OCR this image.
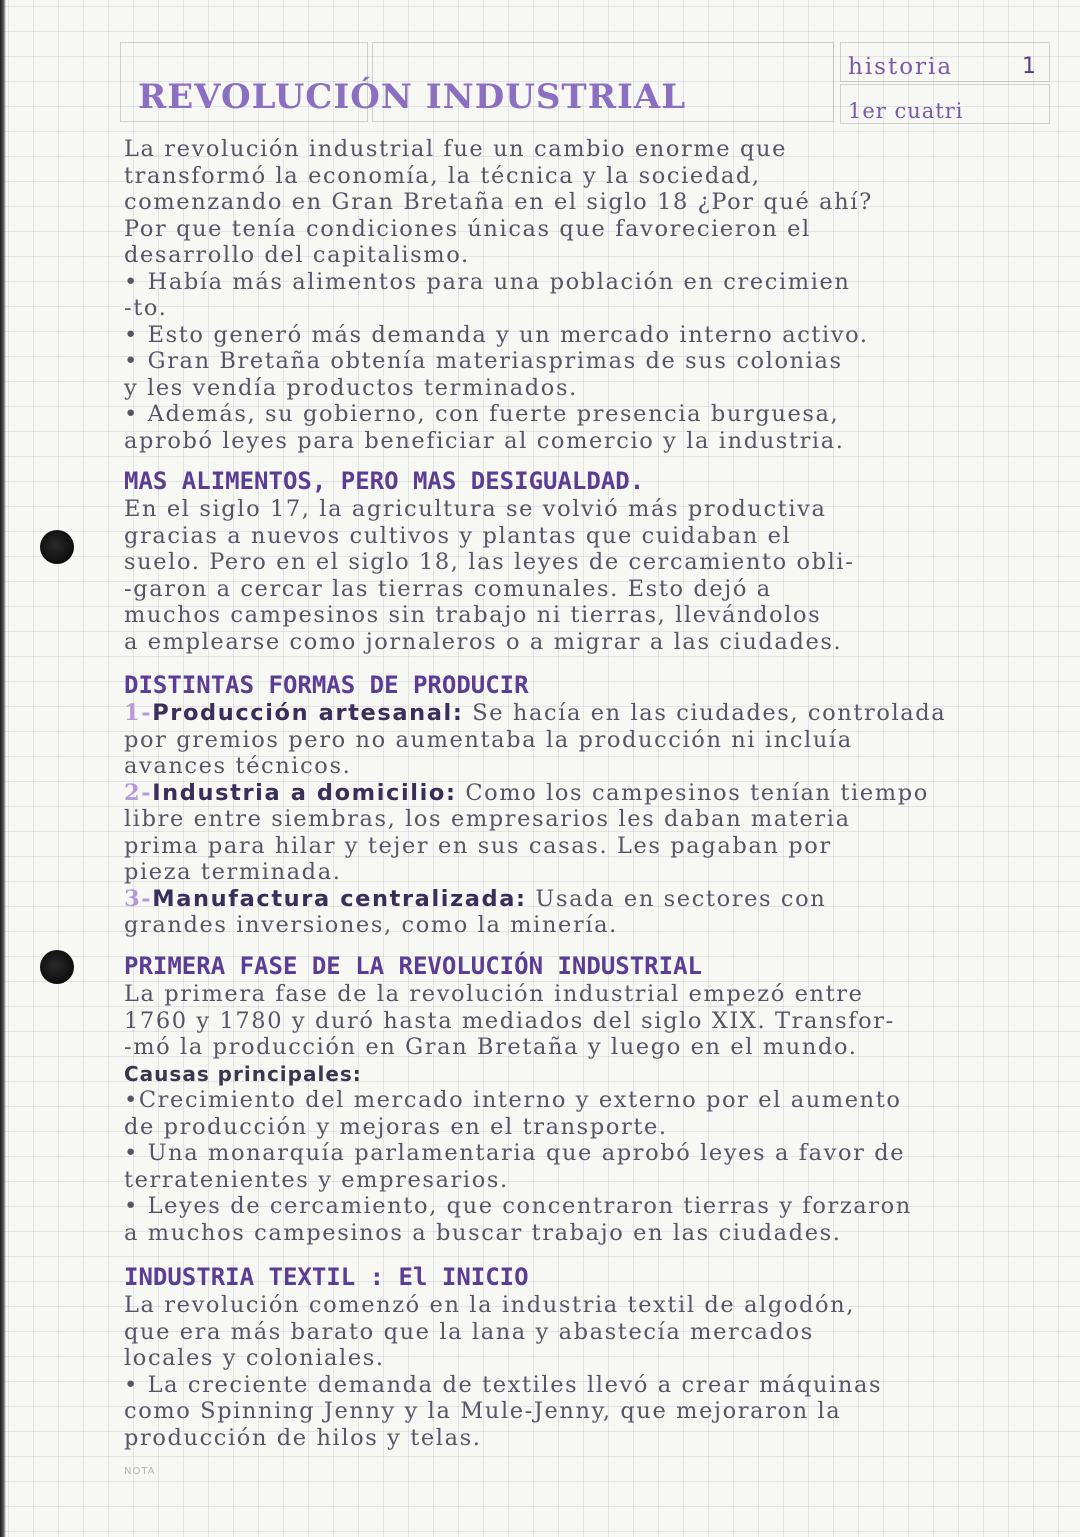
historia	1
1er cuatri
REVOLUCIÓN INDUSTRIAL
La revolución industrial fue un cambio enorme que
transformó la economía, la técnica y la sociedad,
comenzando en Gran Bretaña en el siglo 18 ¿Por qué ahí?
Por que tenía condiciones únicas que favorecieron el
desarrollo del capitalismo.
• Había más alimentos para una población en crecimien
-to.
• Esto generó más demanda y un mercado interno activo.
• Gran Bretaña obtenía materiasprimas de sus colonias
y les vendía productos terminados.
• Además, su gobierno, con fuerte presencia burguesa,
aprobó leyes para beneficiar al comercio y la industria.
MAS ALIMENTOS, PERO MAS DESIGUALDAD.
En el siglo 17, la agricultura se volvió más productiva
gracias a nuevos cultivos y plantas que cuidaban el
suelo. Pero en el siglo 18, las leyes de cercamiento obli-
-garon a cercar las tierras comunales. Esto dejó a
muchos campesinos sin trabajo ni tierras, llevándolos
a emplearse como jornaleros o a migrar a las ciudades.
DISTINTAS FORMAS DE PRODUCIR
1-Producción artesanal: Se hacía en las ciudades, controlada
por gremios pero no aumentaba la producción ni incluía
avances técnicos.
2-Industria a domicilio: Como los campesinos tenían tiempo
libre entre siembras, los empresarios les daban materia
prima para hilar y tejer en sus casas. Les pagaban por
pieza terminada.
3-Manufactura centralizada: Usada en sectores con
grandes inversiones, como la minería.
PRIMERA FASE DE LA REVOLUCIÓN INDUSTRIAL
La primera fase de la revolución industrial empezó entre
1760 y 1780 y duró hasta mediados del siglo XIX. Transfor-
-mó la producción en Gran Bretaña y luego en el mundo.
Causas principales:
•Crecimiento del mercado interno y externo por el aumento
de producción y mejoras en el transporte.
• Una monarquía parlamentaria que aprobó leyes a favor de
terratenientes y empresarios.
• Leyes de cercamiento, que concentraron tierras y forzaron
a muchos campesinos a buscar trabajo en las ciudades.
INDUSTRIA TEXTIL : El INICIO
La revolución comenzó en la industria textil de algodón,
que era más barato que la lana y abastecía mercados
locales y coloniales.
• La creciente demanda de textiles llevó a crear máquinas
como Spinning Jenny y la Mule-Jenny, que mejoraron la
producción de hilos y telas.
NOTA
